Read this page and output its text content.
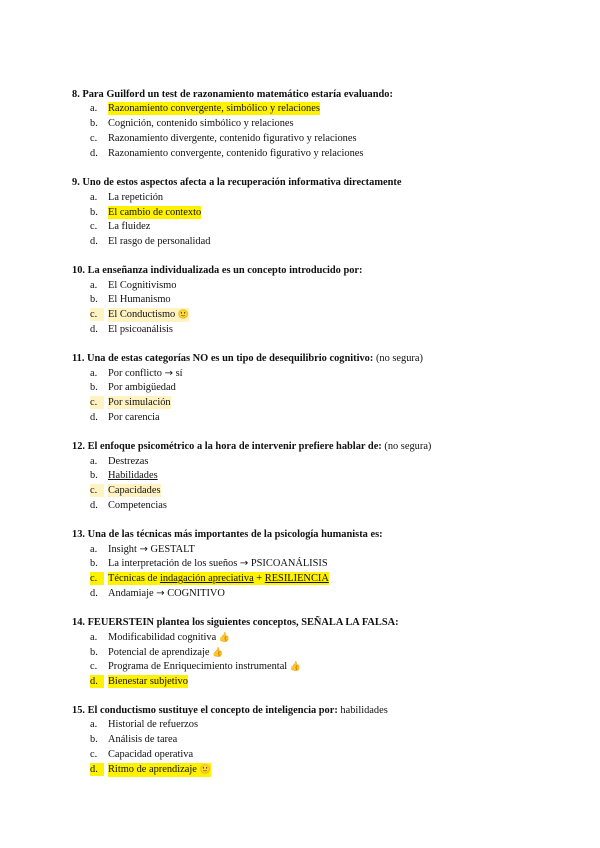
8. Para Guilford un test de razonamiento matemático estaría evaluando:
a.	Razonamiento convergente, simbólico y relaciones
b. Cognición, contenido simbólico y relaciones
c.	Razonamiento divergente, contenido figurativo y relaciones
d. Razonamiento convergente, contenido figurativo y relaciones
9. Uno de estos aspectos afecta a la recuperación informativa directamente
a.	La repetición
b. El cambio de contexto
c.	La fluidez
d. El rasgo de personalidad
10. La enseñanza individualizada es un concepto introducido por:
a.	El Cognitivismo
b. El Humanismo
c.	El Conductismo 🙂
d. El psicoanálisis
11. Una de estas categorías NO es un tipo de desequilibrio cognitivo: (no segura)
a.	Por conflicto → sí
b. Por ambigüedad
c.	Por simulación
d. Por carencia
12. El enfoque psicométrico a la hora de intervenir prefiere hablar de: (no segura)
a.	Destrezas
b. Habilidades
c.	Capacidades
d. Competencias
13. Una de las técnicas más importantes de la psicología humanista es:
a.	Insight → GESTALT
b. La interpretación de los sueños → PSICOANÁLISIS
c.	Técnicas de indagación apreciativa + RESILIENCIA
d. Andamiaje → COGNITIVO
14. FEUERSTEIN plantea los siguientes conceptos, SEÑALA LA FALSA:
a.	Modificabilidad cognitiva 👍
b. Potencial de aprendizaje 👍
c.	Programa de Enriquecimiento instrumental 👍
d. Bienestar subjetivo
15. El conductismo sustituye el concepto de inteligencia por: habilidades
a.	Historial de refuerzos
b. Análisis de tarea
c.	Capacidad operativa
d. Ritmo de aprendizaje 🙂
